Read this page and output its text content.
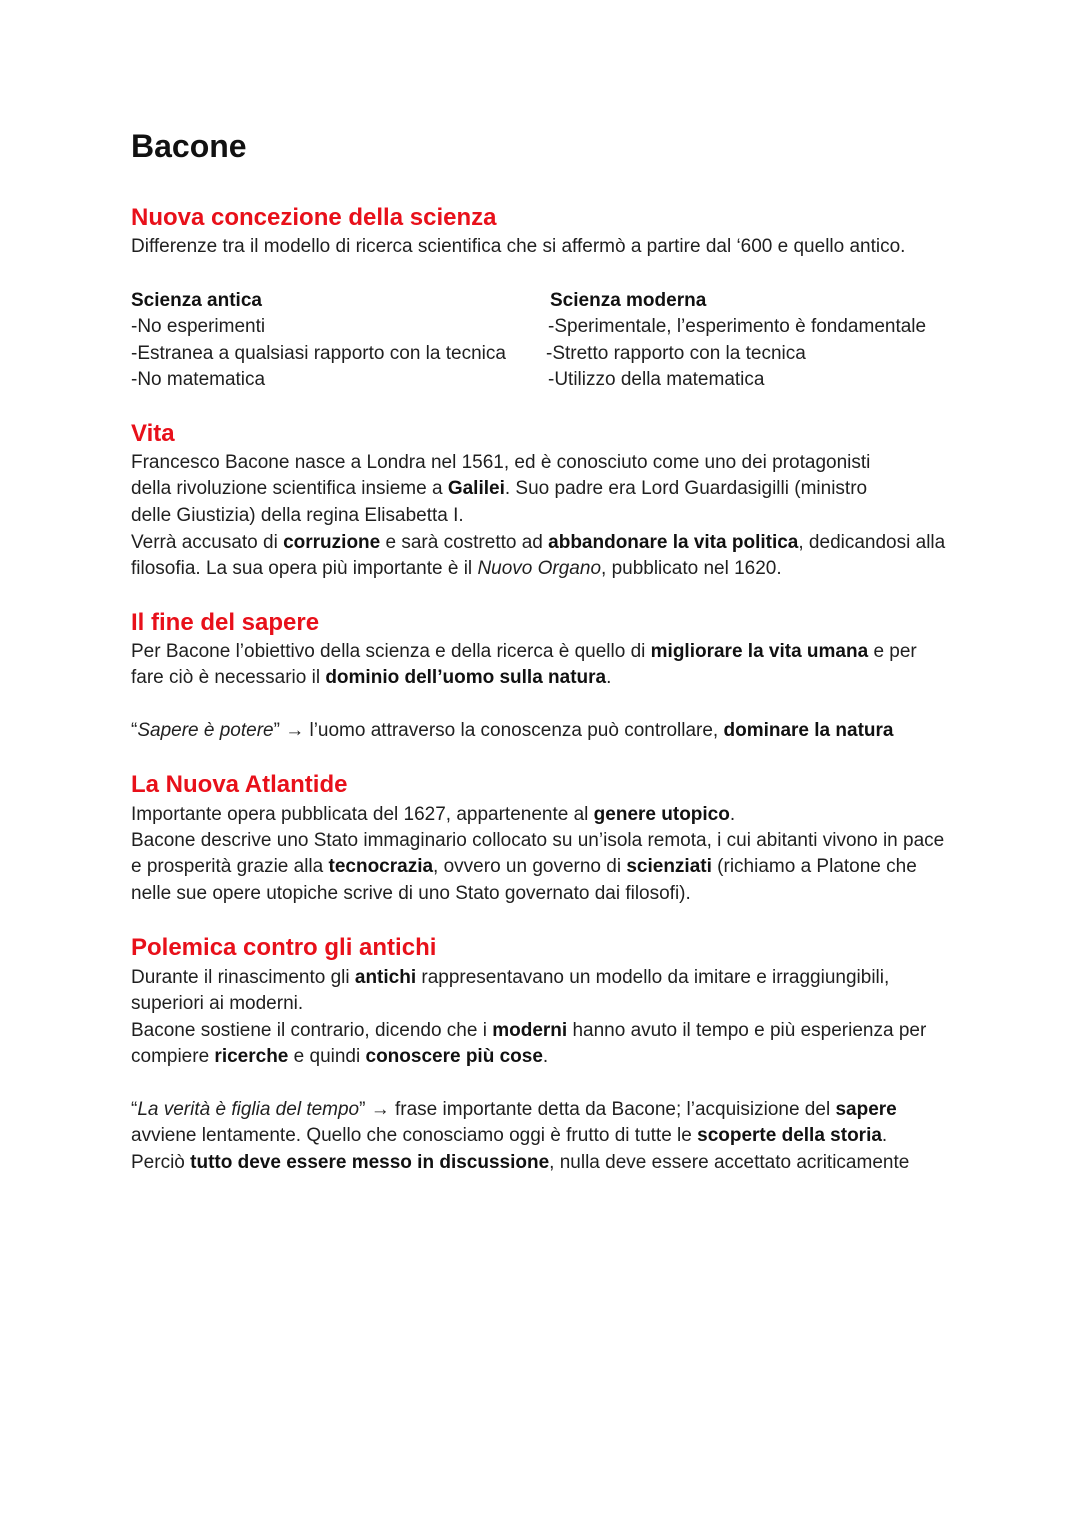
Bacone
Nuova concezione della scienza

Differenze tra il modello di ricerca scientifica che si affermò a partire dal ‘600 e quello antico.

Scienza antica
-No esperimenti
-Estranea a qualsiasi rapporto con la tecnica
-No matematica
Scienza moderna
-Sperimentale, l’esperimento è fondamentale
-Stretto rapporto con la tecnica
-Utilizzo della matematica
Vita

Francesco Bacone nasce a Londra nel 1561, ed è conosciuto come uno dei protagonisti della rivoluzione scientifica insieme a Galilei. Suo padre era Lord Guardasigilli (ministro delle Giustizia) della regina Elisabetta I.

Verrà accusato di corruzione e sarà costretto ad abbandonare la vita politica, dedicandosi alla filosofia. La sua opera più importante è il Nuovo Organo, pubblicato nel 1620.

Il fine del sapere

Per Bacone l’obiettivo della scienza e della ricerca è quello di migliorare la vita umana e per fare ciò è necessario il dominio dell’uomo sulla natura.

“Sapere è potere” → l’uomo attraverso la conoscenza può controllare, dominare la natura

La Nuova Atlantide

Importante opera pubblicata del 1627, appartenente al genere utopico.

Bacone descrive uno Stato immaginario collocato su un’isola remota, i cui abitanti vivono in pace e prosperità grazie alla tecnocrazia, ovvero un governo di scienziati (richiamo a Platone che nelle sue opere utopiche scrive di uno Stato governato dai filosofi).

Polemica contro gli antichi

Durante il rinascimento gli antichi rappresentavano un modello da imitare e irraggiungibili, superiori ai moderni.

Bacone sostiene il contrario, dicendo che i moderni hanno avuto il tempo e più esperienza per compiere ricerche e quindi conoscere più cose.

“La verità è figlia del tempo” → frase importante detta da Bacone; l’acquisizione del sapere avviene lentamente. Quello che conosciamo oggi è frutto di tutte le scoperte della storia.
Perciò tutto deve essere messo in discussione, nulla deve essere accettato acriticamente
